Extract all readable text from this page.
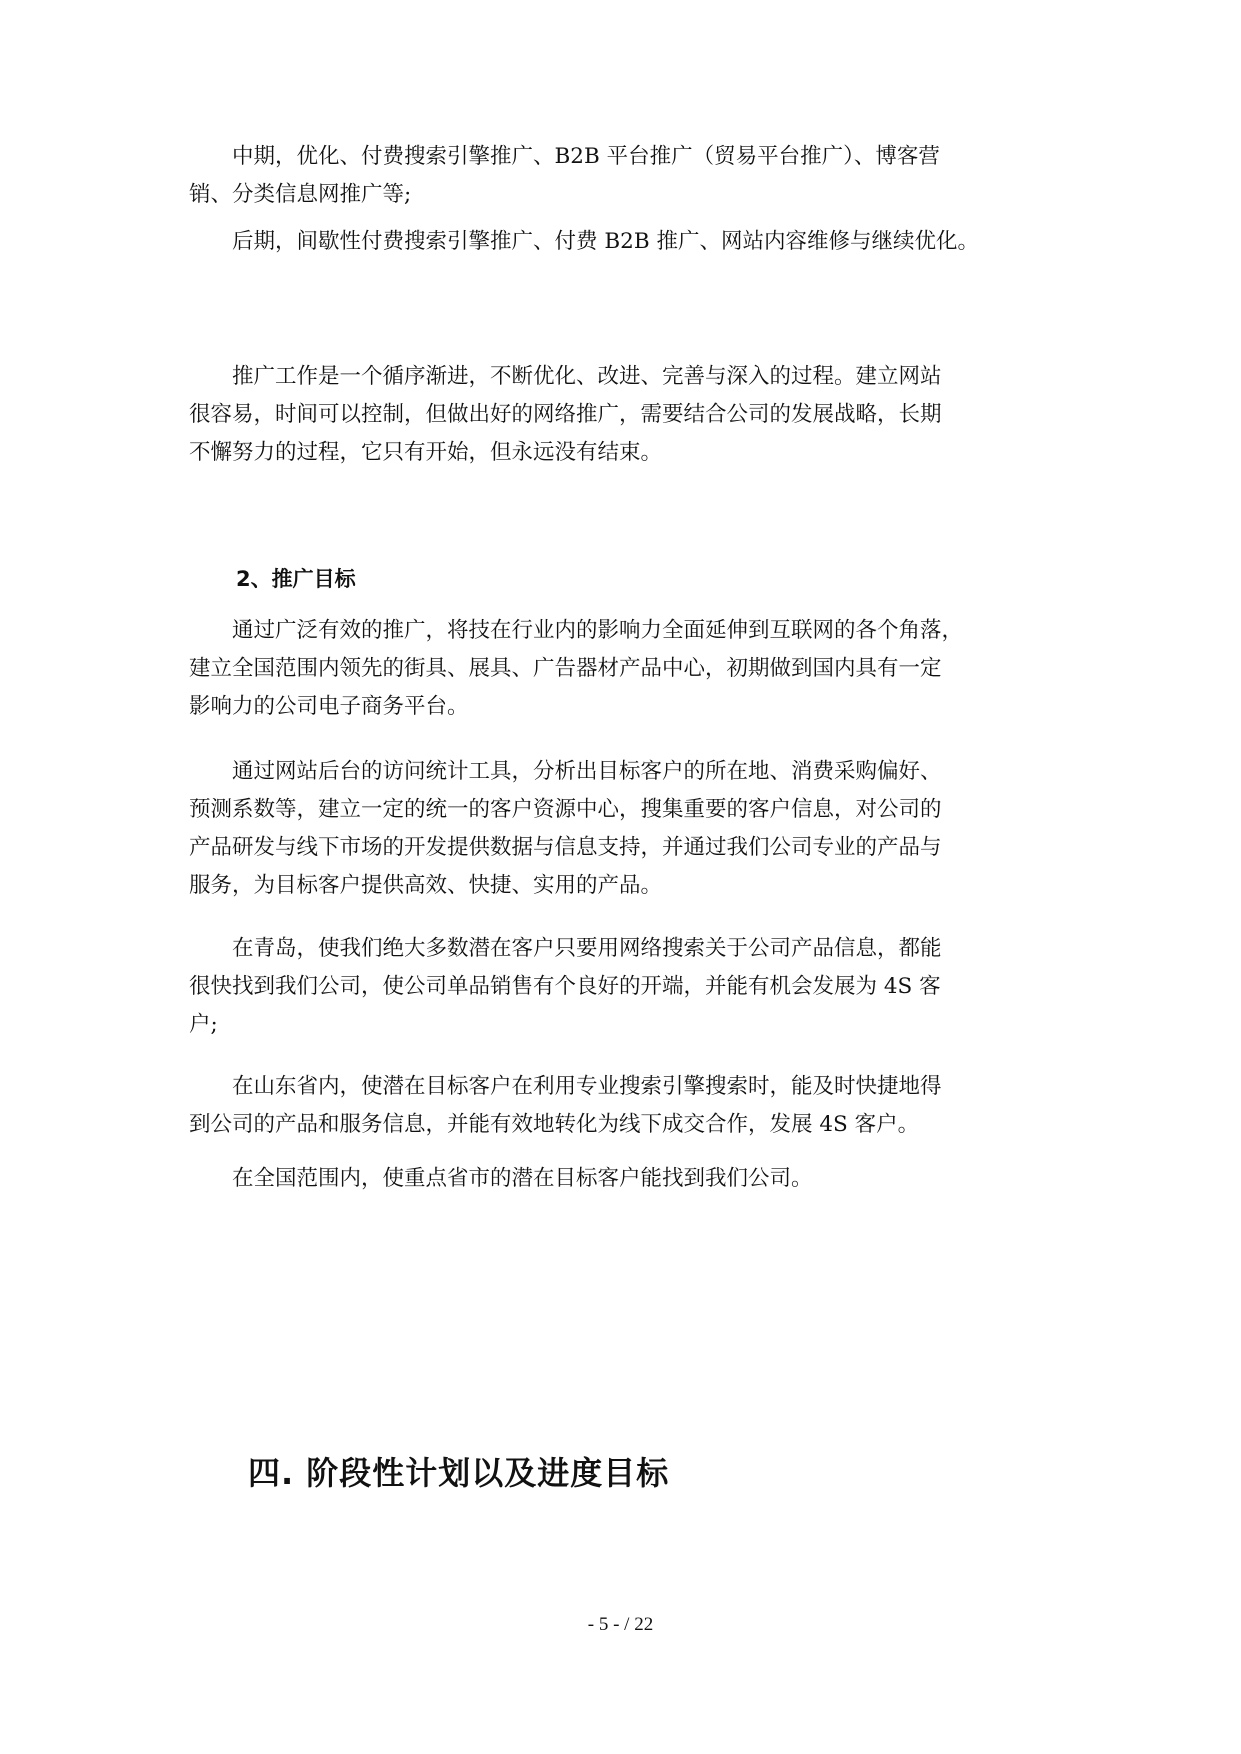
　　中期，优化、付费搜索引擎推广、B2B 平台推广（贸易平台推广）、博客营
销、分类信息网推广等;

　　后期，间歇性付费搜索引擎推广、付费 B2B 推广、网站内容维修与继续优化。

　　推广工作是一个循序渐进，不断优化、改进、完善与深入的过程。建立网站
很容易，时间可以控制，但做出好的网络推广，需要结合公司的发展战略，长期
不懈努力的过程，它只有开始，但永远没有结束。

2、推广目标

　　通过广泛有效的推广，将技在行业内的影响力全面延伸到互联网的各个角落，
建立全国范围内领先的街具、展具、广告器材产品中心，初期做到国内具有一定
影响力的公司电子商务平台。

　　通过网站后台的访问统计工具，分析出目标客户的所在地、消费采购偏好、
预测系数等，建立一定的统一的客户资源中心，搜集重要的客户信息，对公司的
产品研发与线下市场的开发提供数据与信息支持，并通过我们公司专业的产品与
服务，为目标客户提供高效、快捷、实用的产品。

　　在青岛，使我们绝大多数潜在客户只要用网络搜索关于公司产品信息，都能
很快找到我们公司，使公司单品销售有个良好的开端，并能有机会发展为 4S 客
户;

　　在山东省内，使潜在目标客户在利用专业搜索引擎搜索时，能及时快捷地得
到公司的产品和服务信息，并能有效地转化为线下成交合作，发展 4S 客户。

　　在全国范围内，使重点省市的潜在目标客户能找到我们公司。

四. 阶段性计划以及进度目标
- 5 - / 22
